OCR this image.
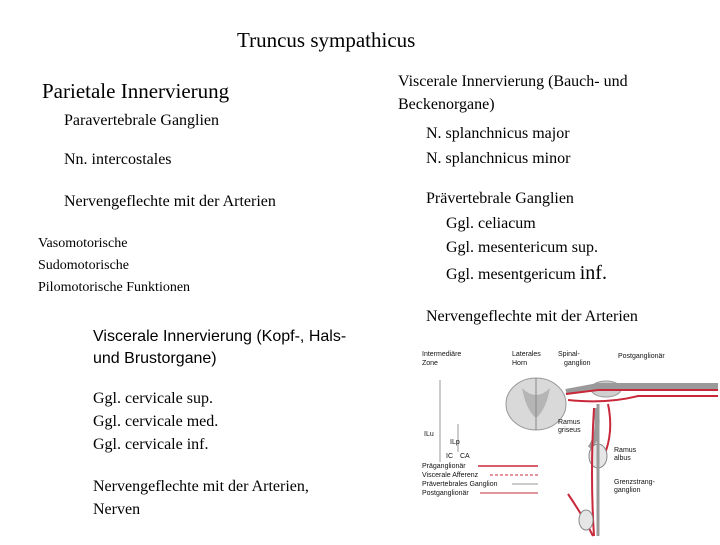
Truncus sympathicus
Parietale Innervierung
Paravertebrale Ganglien
Nn. intercostales
Nervengeflechte mit der Arterien
Vasomotorische
Sudomotorische
Pilomotorische Funktionen
Viscerale Innervierung (Kopf-, Hals-
und Brustorgane)
Ggl. cervicale sup.
Ggl. cervicale med.
Ggl. cervicale inf.
Nervengeflechte mit der Arterien,
Nerven
Viscerale Innervierung (Bauch- und
Beckenorgane)
N. splanchnicus major
N. splanchnicus minor
Prävertebrale Ganglien
Ggl. celiacum
Ggl. mesentericum sup.
Ggl. mesentgericum inf.
Nervengeflechte mit der Arterien
Intermediäre
Zone
Laterales
Horn
Spinal-
ganglion
Postganglionär
Ramus
griseus
Ramus
albus
ILu
ILp
IC CA
Grenzstrang-
ganglion
Präganglionär
Viscerale Afferenz
Prävertebrales Ganglion
Postganglionär
